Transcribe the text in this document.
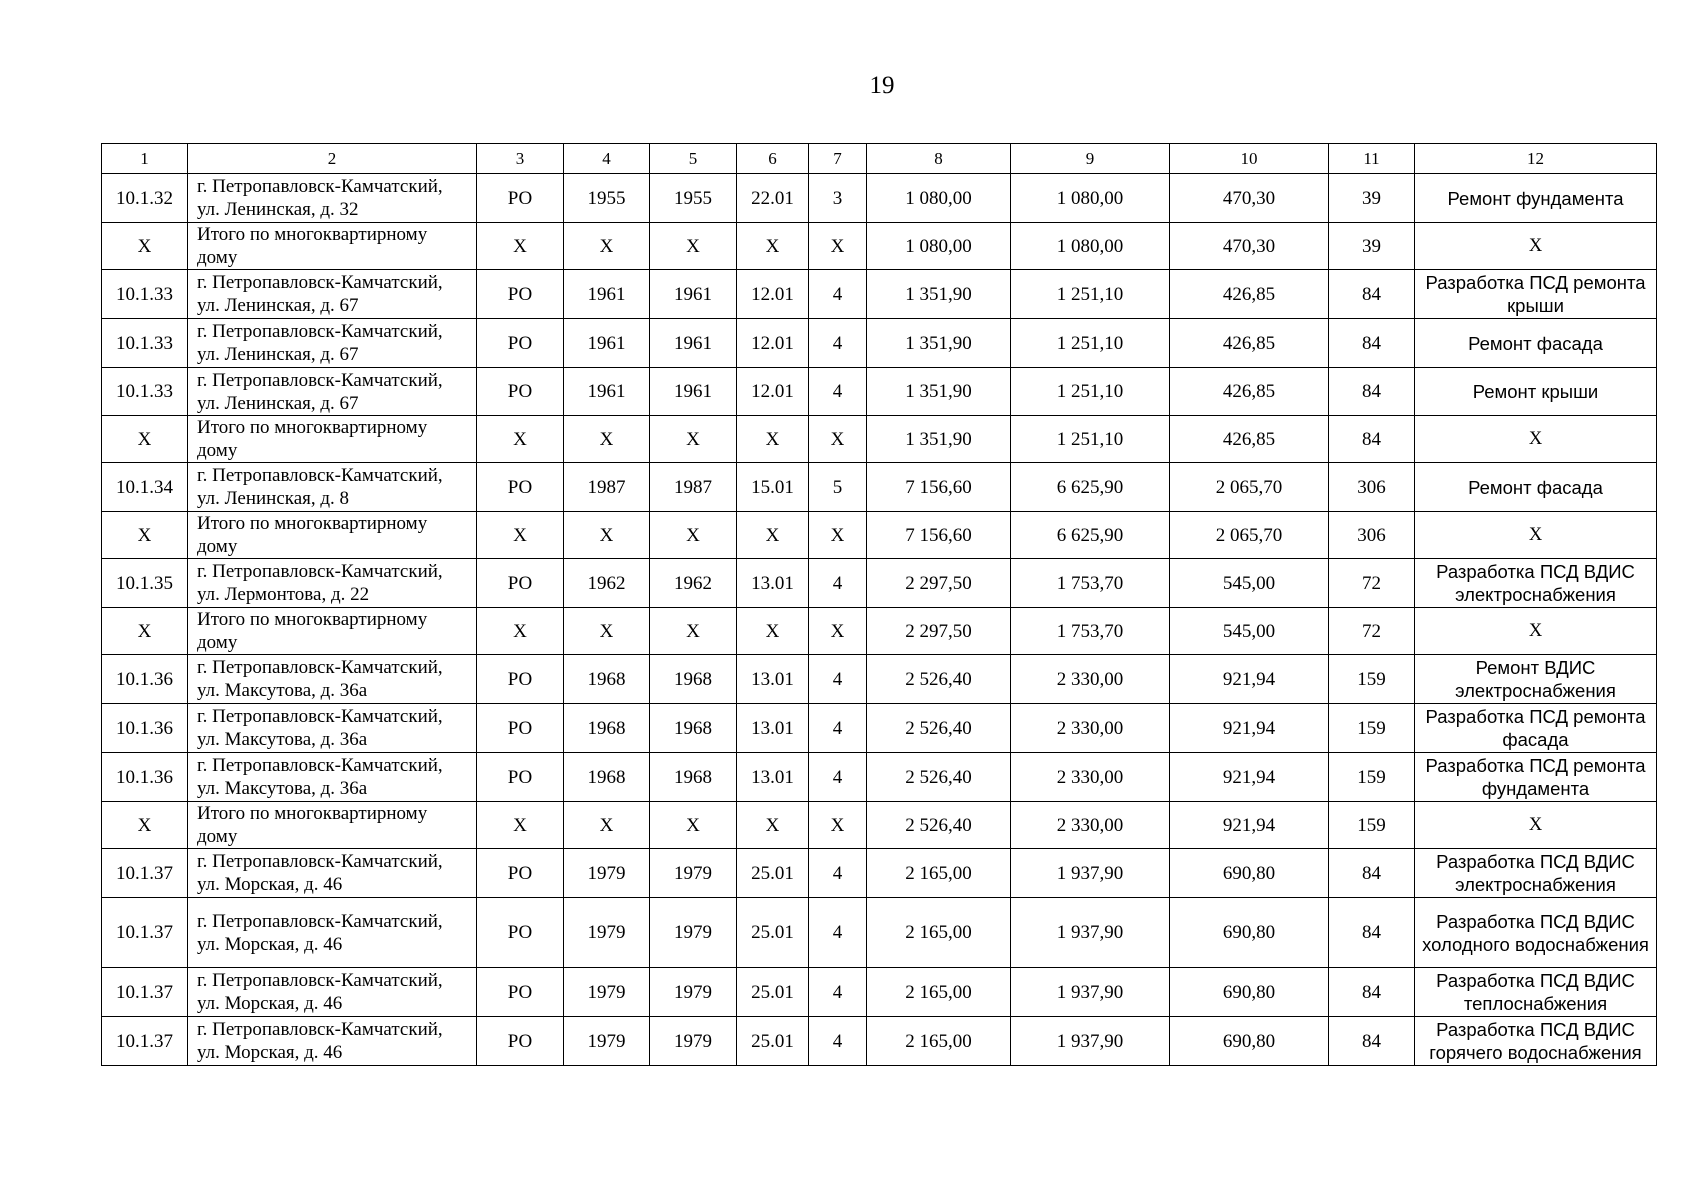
19
1	2	3	4	5	6	7	8	9	10	11	12
10.1.32	г. Петропавловск-Камчатский,
ул. Ленинская, д. 32	РО	1955	1955	22.01	3	1 080,00	1 080,00	470,30	39	Ремонт фундамента
Х	Итого по многоквартирному
дому	Х	Х	Х	Х	Х	1 080,00	1 080,00	470,30	39	Х
10.1.33	г. Петропавловск-Камчатский,
ул. Ленинская, д. 67	РО	1961	1961	12.01	4	1 351,90	1 251,10	426,85	84	Разработка ПСД ремонта крыши
10.1.33	г. Петропавловск-Камчатский,
ул. Ленинская, д. 67	РО	1961	1961	12.01	4	1 351,90	1 251,10	426,85	84	Ремонт фасада
10.1.33	г. Петропавловск-Камчатский,
ул. Ленинская, д. 67	РО	1961	1961	12.01	4	1 351,90	1 251,10	426,85	84	Ремонт крыши
Х	Итого по многоквартирному
дому	Х	Х	Х	Х	Х	1 351,90	1 251,10	426,85	84	Х
10.1.34	г. Петропавловск-Камчатский,
ул. Ленинская, д. 8	РО	1987	1987	15.01	5	7 156,60	6 625,90	2 065,70	306	Ремонт фасада
Х	Итого по многоквартирному
дому	Х	Х	Х	Х	Х	7 156,60	6 625,90	2 065,70	306	Х
10.1.35	г. Петропавловск-Камчатский,
ул. Лермонтова, д. 22	РО	1962	1962	13.01	4	2 297,50	1 753,70	545,00	72	Разработка ПСД ВДИС электроснабжения
Х	Итого по многоквартирному
дому	Х	Х	Х	Х	Х	2 297,50	1 753,70	545,00	72	Х
10.1.36	г. Петропавловск-Камчатский,
ул. Максутова, д. 36а	РО	1968	1968	13.01	4	2 526,40	2 330,00	921,94	159	Ремонт ВДИС электроснабжения
10.1.36	г. Петропавловск-Камчатский,
ул. Максутова, д. 36а	РО	1968	1968	13.01	4	2 526,40	2 330,00	921,94	159	Разработка ПСД ремонта фасада
10.1.36	г. Петропавловск-Камчатский,
ул. Максутова, д. 36а	РО	1968	1968	13.01	4	2 526,40	2 330,00	921,94	159	Разработка ПСД ремонта фундамента
Х	Итого по многоквартирному
дому	Х	Х	Х	Х	Х	2 526,40	2 330,00	921,94	159	Х
10.1.37	г. Петропавловск-Камчатский,
ул. Морская, д. 46	РО	1979	1979	25.01	4	2 165,00	1 937,90	690,80	84	Разработка ПСД ВДИС электроснабжения
10.1.37	г. Петропавловск-Камчатский,
ул. Морская, д. 46	РО	1979	1979	25.01	4	2 165,00	1 937,90	690,80	84	Разработка ПСД ВДИС холодного водоснабжения
10.1.37	г. Петропавловск-Камчатский,
ул. Морская, д. 46	РО	1979	1979	25.01	4	2 165,00	1 937,90	690,80	84	Разработка ПСД ВДИС теплоснабжения
10.1.37	г. Петропавловск-Камчатский,
ул. Морская, д. 46	РО	1979	1979	25.01	4	2 165,00	1 937,90	690,80	84	Разработка ПСД ВДИС горячего водоснабжения
